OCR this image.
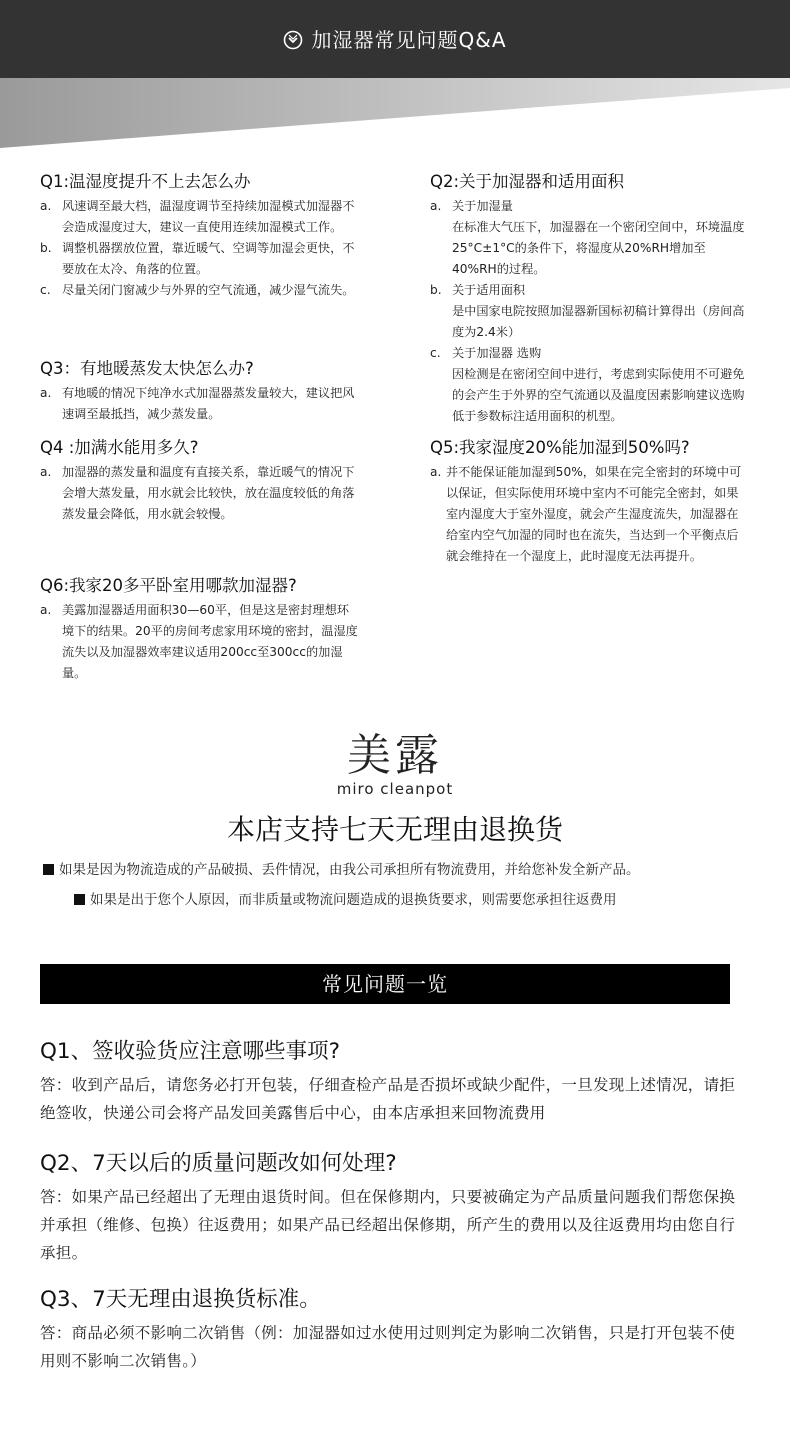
加湿器常见问题Q&A
Q1:温湿度提升不上去怎么办
a. 风速调至最大档，温湿度调节至持续加湿模式加湿器不会造成湿度过大，建议一直使用连续加湿模式工作。
b. 调整机器摆放位置，靠近暖气、空调等加湿会更快，不要放在太冷、角落的位置。
c. 尽量关闭门窗减少与外界的空气流通，减少湿气流失。
Q2:关于加湿器和适用面积
a. 关于加湿量
在标准大气压下，加湿器在一个密闭空间中，环境温度25°C±1°C的条件下，将湿度从20%RH增加至40%RH的过程。
b. 关于适用面积
是中国家电院按照加湿器新国标初稿计算得出（房间高度为2.4米）
c. 关于加湿器 选购
因检测是在密闭空间中进行，考虑到实际使用不可避免的会产生于外界的空气流通以及温度因素影响建议选购低于参数标注适用面积的机型。
Q3：有地暖蒸发太快怎么办?
a. 有地暖的情况下纯净水式加湿器蒸发量较大，建议把风速调至最抵挡，减少蒸发量。
Q4 :加满水能用多久?
a. 加湿器的蒸发量和温度有直接关系，靠近暖气的情况下会增大蒸发量，用水就会比较快，放在温度较低的角落蒸发量会降低，用水就会较慢。
Q5:我家湿度20%能加湿到50%吗?
a. 并不能保证能加湿到50%，如果在完全密封的环境中可以保证，但实际使用环境中室内不可能完全密封，如果室内湿度大于室外湿度，就会产生湿度流失，加湿器在给室内空气加湿的同时也在流失，当达到一个平衡点后就会维持在一个湿度上，此时湿度无法再提升。
Q6:我家20多平卧室用哪款加湿器?
a. 美露加湿器适用面积30—60平，但是这是密封理想环境下的结果。20平的房间考虑家用环境的密封，温湿度流失以及加湿器效率建议适用200cc至300cc的加湿量。
美露
miro cleanpot
本店支持七天无理由退换货
如果是因为物流造成的产品破损、丢件情况，由我公司承担所有物流费用，并给您补发全新产品。
如果是出于您个人原因，而非质量或物流问题造成的退换货要求，则需要您承担往返费用
常见问题一览
Q1、签收验货应注意哪些事项?

答：收到产品后，请您务必打开包装，仔细查检产品是否损坏或缺少配件，一旦发现上述情况，请拒绝签收，快递公司会将产品发回美露售后中心，由本店承担来回物流费用

Q2、7天以后的质量问题改如何处理?

答：如果产品已经超出了无理由退货时间。但在保修期内，只要被确定为产品质量问题我们帮您保换并承担（维修、包换）往返费用；如果产品已经超出保修期，所产生的费用以及往返费用均由您自行承担。

Q3、7天无理由退换货标准。

答：商品必须不影响二次销售（例：加湿器如过水使用过则判定为影响二次销售，只是打开包装不使用则不影响二次销售。）
